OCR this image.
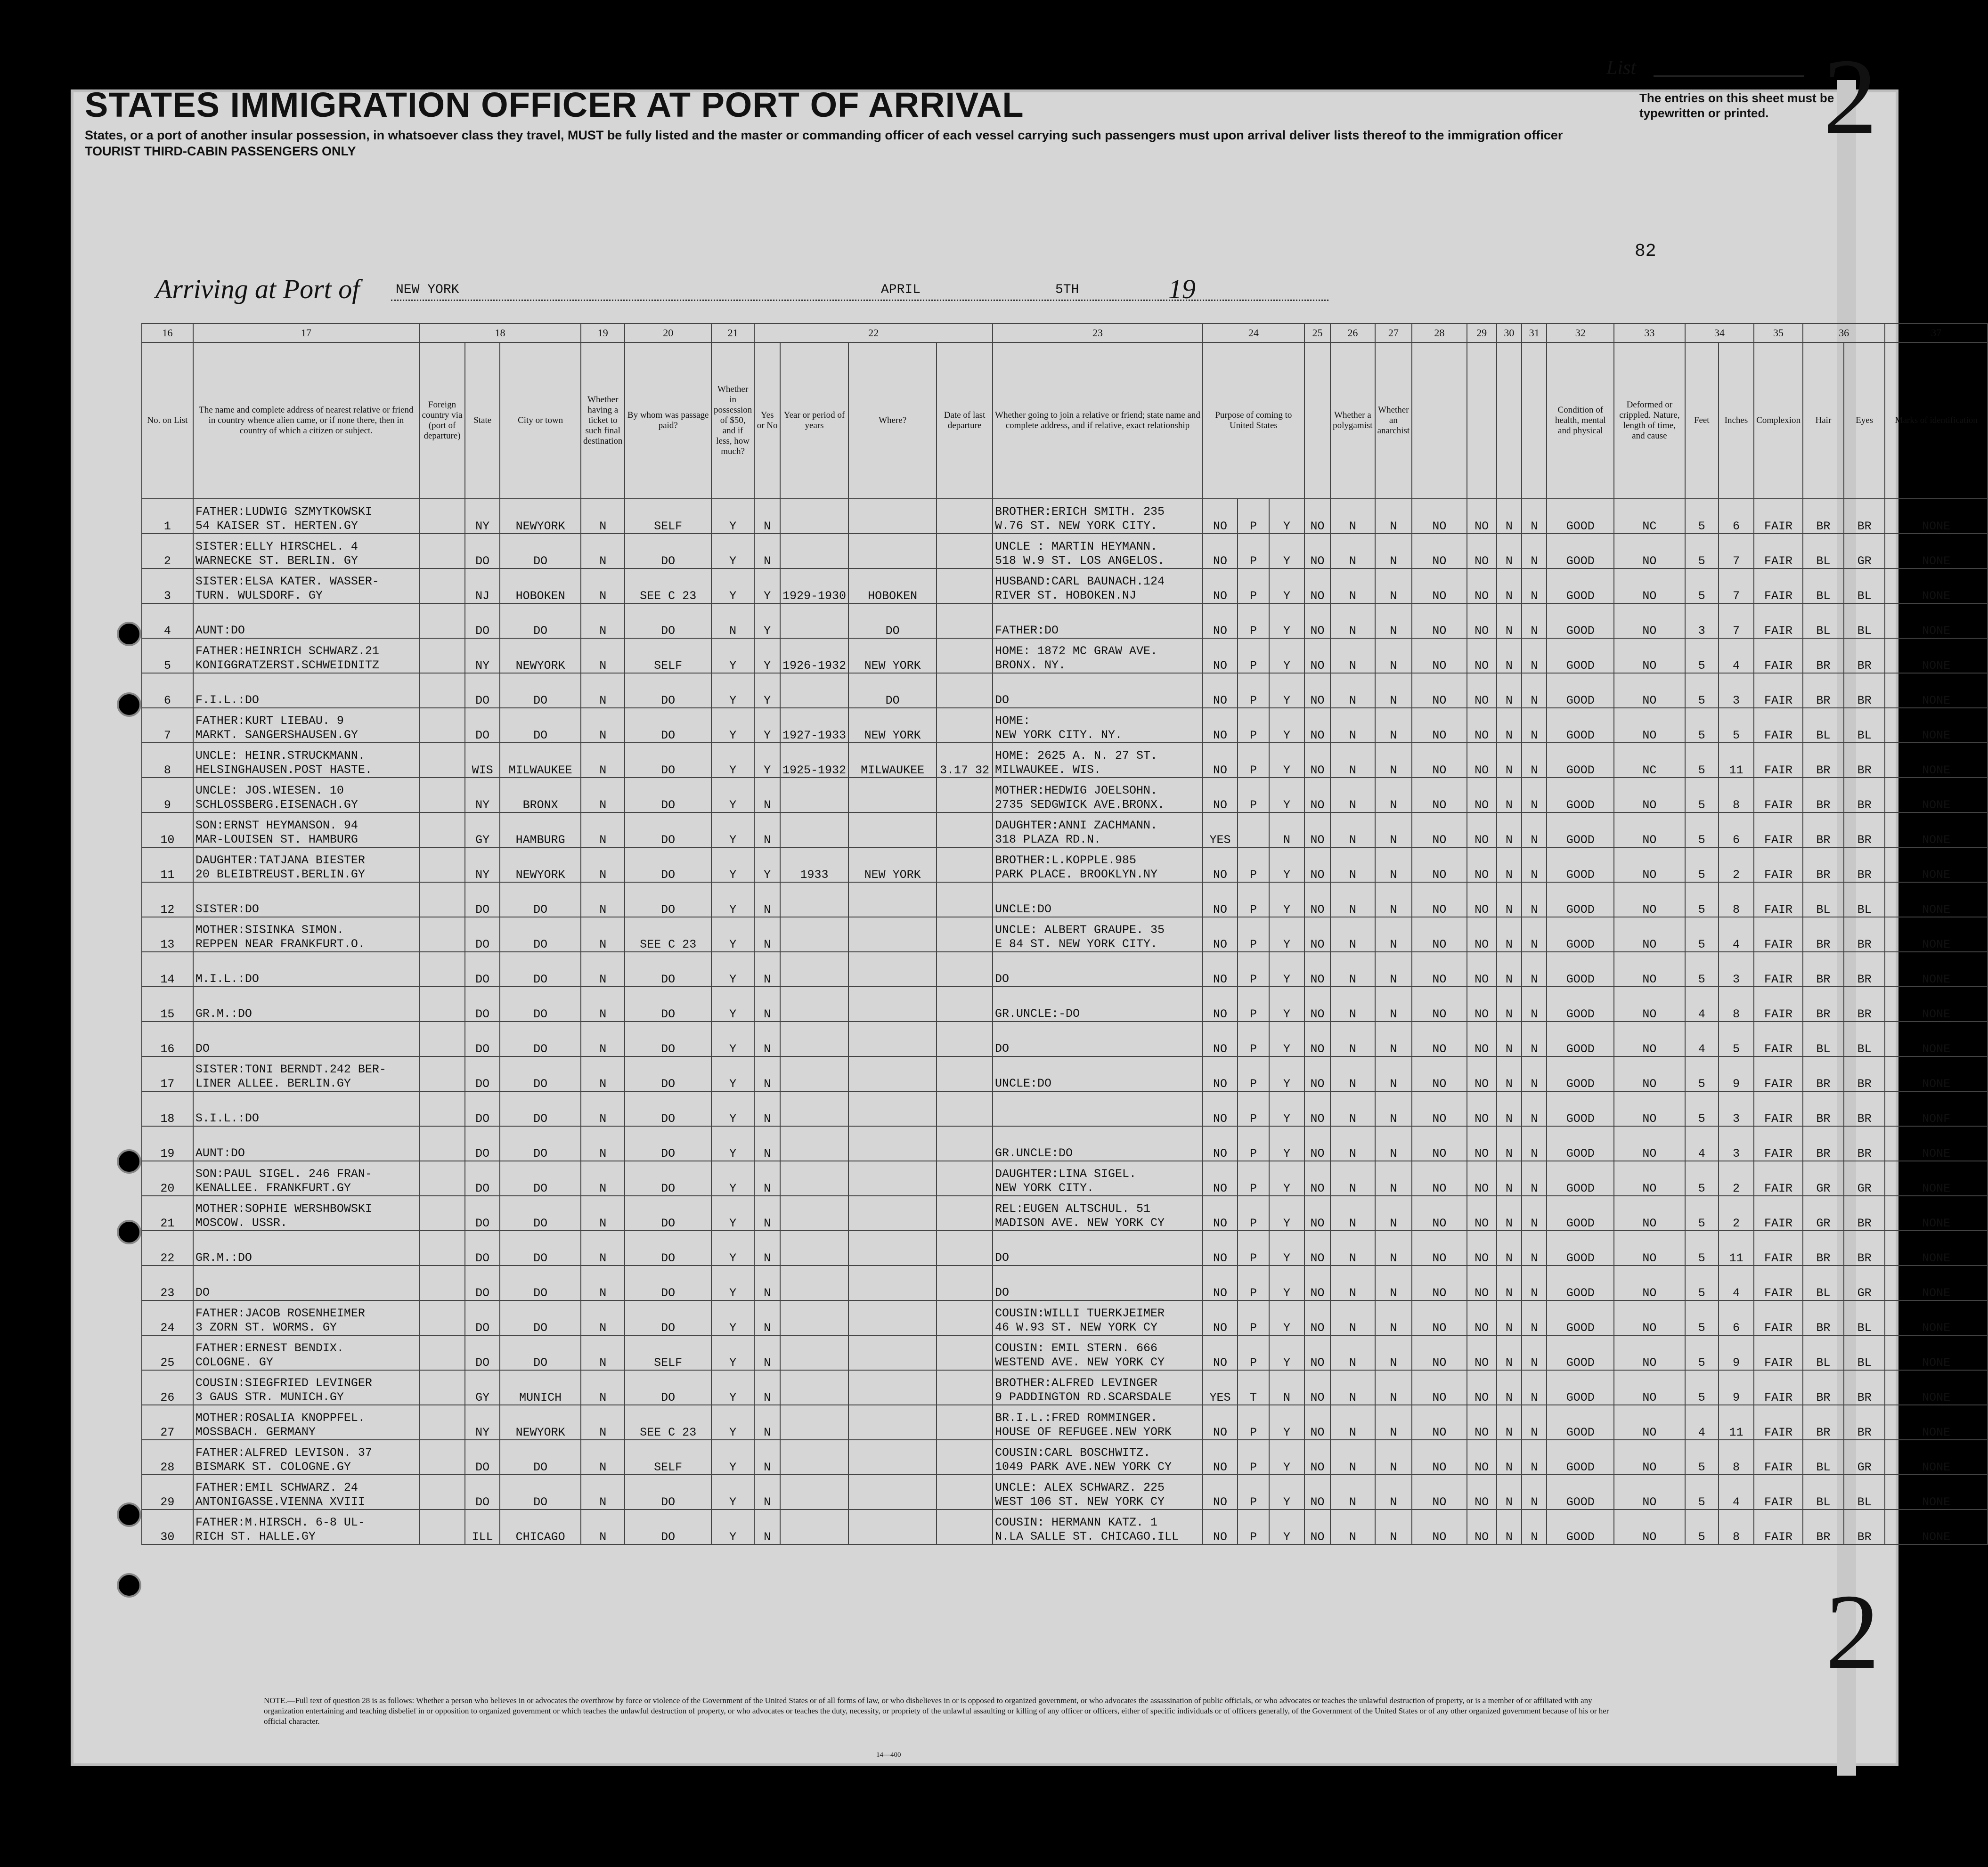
STATES IMMIGRATION OFFICER AT PORT OF ARRIVAL
States, or a port of another insular possession, in whatsoever class they travel, MUST be fully listed and the master or commanding officer of each vessel carrying such passengers must upon arrival deliver lists thereof to the immigration officer
TOURIST THIRD-CABIN PASSENGERS ONLY
List 2
The entries on this sheet must be typewritten or printed.
82
Arriving at Port of	NEW YORK	APRIL	5TH	19
16	17	18			19	20	21	22				23	24			25	26	27	28	29	30	31	32	33	34		35	36		37
No. on List	The name and complete address of nearest relative or friend in country whence alien came, or if none there, then in country of which a citizen or subject.	Foreign country via (port of departure)	State	City or town	Whether having a ticket to such final destination	By whom was passage paid?	Whether in possession of $50, and if less, how much?	Yes or No	Year or period of years	Where?	Date of last departure	Whether going to join a relative or friend; state name and complete address, and if relative, exact relationship	Purpose of coming to United States				Whether a polygamist	Whether an anarchist					Condition of health, mental and physical	Deformed or crippled. Nature, length of time, and cause	Feet	Inches	Complexion	Hair	Eyes	Marks of identification
1	FATHER:LUDWIG SZMYTKOWSKI
54 KAISER ST. HERTEN.GY		NY	NEWYORK	N	SELF	Y	N				BROTHER:ERICH SMITH. 235
W.76 ST. NEW YORK CITY.	NO	P	Y	NO	N	N	NO	NO	N	N	GOOD	NC	5	6	FAIR	BR	BR	NONE
2	SISTER:ELLY HIRSCHEL. 4
WARNECKE ST. BERLIN. GY		DO	DO	N	DO	Y	N				UNCLE : MARTIN HEYMANN.
518 W.9 ST. LOS ANGELOS.	NO	P	Y	NO	N	N	NO	NO	N	N	GOOD	NO	5	7	FAIR	BL	GR	NONE
3	SISTER:ELSA KATER. WASSER-
TURN. WULSDORF. GY		NJ	HOBOKEN	N	SEE C 23	Y	Y	1929-1930	HOBOKEN		HUSBAND:CARL BAUNACH.124
RIVER ST. HOBOKEN.NJ	NO	P	Y	NO	N	N	NO	NO	N	N	GOOD	NO	5	7	FAIR	BL	BL	NONE
4	AUNT:DO		DO	DO	N	DO	N	Y		DO		FATHER:DO	NO	P	Y	NO	N	N	NO	NO	N	N	GOOD	NO	3	7	FAIR	BL	BL	NONE
5	FATHER:HEINRICH SCHWARZ.21
KONIGGRATZERST.SCHWEIDNITZ		NY	NEWYORK	N	SELF	Y	Y	1926-1932	NEW YORK		HOME: 1872 MC GRAW AVE.
BRONX. NY.	NO	P	Y	NO	N	N	NO	NO	N	N	GOOD	NO	5	4	FAIR	BR	BR	NONE
6	F.I.L.:DO		DO	DO	N	DO	Y	Y		DO		DO	NO	P	Y	NO	N	N	NO	NO	N	N	GOOD	NO	5	3	FAIR	BR	BR	NONE
7	FATHER:KURT LIEBAU. 9
MARKT. SANGERSHAUSEN.GY		DO	DO	N	DO	Y	Y	1927-1933	NEW YORK		HOME:
NEW YORK CITY. NY.	NO	P	Y	NO	N	N	NO	NO	N	N	GOOD	NO	5	5	FAIR	BL	BL	NONE
8	UNCLE: HEINR.STRUCKMANN.
HELSINGHAUSEN.POST HASTE.		WIS	MILWAUKEE	N	DO	Y	Y	1925-1932	MILWAUKEE	3.17 32	HOME: 2625 A. N. 27 ST.
MILWAUKEE. WIS.	NO	P	Y	NO	N	N	NO	NO	N	N	GOOD	NC	5	11	FAIR	BR	BR	NONE
9	UNCLE: JOS.WIESEN. 10
SCHLOSSBERG.EISENACH.GY		NY	BRONX	N	DO	Y	N				MOTHER:HEDWIG JOELSOHN.
2735 SEDGWICK AVE.BRONX.	NO	P	Y	NO	N	N	NO	NO	N	N	GOOD	NO	5	8	FAIR	BR	BR	NONE
10	SON:ERNST HEYMANSON. 94
MAR-LOUISEN ST. HAMBURG		GY	HAMBURG	N	DO	Y	N				DAUGHTER:ANNI ZACHMANN.
318 PLAZA RD.N.	YES		N	NO	N	N	NO	NO	N	N	GOOD	NO	5	6	FAIR	BR	BR	NONE
11	DAUGHTER:TATJANA BIESTER
20 BLEIBTREUST.BERLIN.GY		NY	NEWYORK	N	DO	Y	Y	1933	NEW YORK		BROTHER:L.KOPPLE.985
PARK PLACE. BROOKLYN.NY	NO	P	Y	NO	N	N	NO	NO	N	N	GOOD	NO	5	2	FAIR	BR	BR	NONE
12	SISTER:DO		DO	DO	N	DO	Y	N				UNCLE:DO	NO	P	Y	NO	N	N	NO	NO	N	N	GOOD	NO	5	8	FAIR	BL	BL	NONE
13	MOTHER:SISINKA SIMON.
REPPEN NEAR FRANKFURT.O.		DO	DO	N	SEE C 23	Y	N				UNCLE: ALBERT GRAUPE. 35
E 84 ST. NEW YORK CITY.	NO	P	Y	NO	N	N	NO	NO	N	N	GOOD	NO	5	4	FAIR	BR	BR	NONE
14	M.I.L.:DO		DO	DO	N	DO	Y	N				DO	NO	P	Y	NO	N	N	NO	NO	N	N	GOOD	NO	5	3	FAIR	BR	BR	NONE
15	GR.M.:DO		DO	DO	N	DO	Y	N				GR.UNCLE:-DO	NO	P	Y	NO	N	N	NO	NO	N	N	GOOD	NO	4	8	FAIR	BR	BR	NONE
16	DO		DO	DO	N	DO	Y	N				DO	NO	P	Y	NO	N	N	NO	NO	N	N	GOOD	NO	4	5	FAIR	BL	BL	NONE
17	SISTER:TONI BERNDT.242 BER-
LINER ALLEE. BERLIN.GY		DO	DO	N	DO	Y	N				UNCLE:DO	NO	P	Y	NO	N	N	NO	NO	N	N	GOOD	NO	5	9	FAIR	BR	BR	NONE
18	S.I.L.:DO		DO	DO	N	DO	Y	N					NO	P	Y	NO	N	N	NO	NO	N	N	GOOD	NO	5	3	FAIR	BR	BR	NONF
19	AUNT:DO		DO	DO	N	DO	Y	N				GR.UNCLE:DO	NO	P	Y	NO	N	N	NO	NO	N	N	GOOD	NO	4	3	FAIR	BR	BR	NONE
20	SON:PAUL SIGEL. 246 FRAN-
KENALLEE. FRANKFURT.GY		DO	DO	N	DO	Y	N				DAUGHTER:LINA SIGEL.
NEW YORK CITY.	NO	P	Y	NO	N	N	NO	NO	N	N	GOOD	NO	5	2	FAIR	GR	GR	NONE
21	MOTHER:SOPHIE WERSHBOWSKI
MOSCOW. USSR.		DO	DO	N	DO	Y	N				REL:EUGEN ALTSCHUL. 51
MADISON AVE. NEW YORK CY	NO	P	Y	NO	N	N	NO	NO	N	N	GOOD	NO	5	2	FAIR	GR	BR	NONE
22	GR.M.:DO		DO	DO	N	DO	Y	N				DO	NO	P	Y	NO	N	N	NO	NO	N	N	GOOD	NO	5	11	FAIR	BR	BR	NONE
23	DO		DO	DO	N	DO	Y	N				DO	NO	P	Y	NO	N	N	NO	NO	N	N	GOOD	NO	5	4	FAIR	BL	GR	NONE
24	FATHER:JACOB ROSENHEIMER
3 ZORN ST. WORMS. GY		DO	DO	N	DO	Y	N				COUSIN:WILLI TUERKJEIMER
46 W.93 ST. NEW YORK CY	NO	P	Y	NO	N	N	NO	NO	N	N	GOOD	NO	5	6	FAIR	BR	BL	NONE
25	FATHER:ERNEST BENDIX.
COLOGNE. GY		DO	DO	N	SELF	Y	N				COUSIN: EMIL STERN. 666
WESTEND AVE. NEW YORK CY	NO	P	Y	NO	N	N	NO	NO	N	N	GOOD	NO	5	9	FAIR	BL	BL	NONE
26	COUSIN:SIEGFRIED LEVINGER
3 GAUS STR. MUNICH.GY		GY	MUNICH	N	DO	Y	N				BROTHER:ALFRED LEVINGER
9 PADDINGTON RD.SCARSDALE	YES	T	N	NO	N	N	NO	NO	N	N	GOOD	NO	5	9	FAIR	BR	BR	NONE
27	MOTHER:ROSALIA KNOPPFEL.
MOSSBACH. GERMANY		NY	NEWYORK	N	SEE C 23	Y	N				BR.I.L.:FRED ROMMINGER.
HOUSE OF REFUGEE.NEW YORK	NO	P	Y	NO	N	N	NO	NO	N	N	GOOD	NO	4	11	FAIR	BR	BR	NONE
28	FATHER:ALFRED LEVISON. 37
BISMARK ST. COLOGNE.GY		DO	DO	N	SELF	Y	N				COUSIN:CARL BOSCHWITZ.
1049 PARK AVE.NEW YORK CY	NO	P	Y	NO	N	N	NO	NO	N	N	GOOD	NO	5	8	FAIR	BL	GR	NONE
29	FATHER:EMIL SCHWARZ. 24
ANTONIGASSE.VIENNA XVIII		DO	DO	N	DO	Y	N				UNCLE: ALEX SCHWARZ. 225
WEST 106 ST. NEW YORK CY	NO	P	Y	NO	N	N	NO	NO	N	N	GOOD	NO	5	4	FAIR	BL	BL	NONE
30	FATHER:M.HIRSCH. 6-8 UL-
RICH ST. HALLE.GY		ILL	CHICAGO	N	DO	Y	N				COUSIN: HERMANN KATZ. 1
N.LA SALLE ST. CHICAGO.ILL	NO	P	Y	NO	N	N	NO	NO	N	N	GOOD	NO	5	8	FAIR	BR	BR	NONE
NOTE.—Full text of question 28 is as follows: Whether a person who believes in or advocates the overthrow by force or violence of the Government of the United States or of all forms of law, or who disbelieves in or is opposed to organized government, or who advocates the assassination of public officials, or who advocates or teaches the unlawful destruction of property, or is a member of or affiliated with any organization entertaining and teaching disbelief in or opposition to organized government or which teaches the unlawful destruction of property, or who advocates or teaches the duty, necessity, or propriety of the unlawful assaulting or killing of any officer or officers, either of specific individuals or of officers generally, of the Government of the United States or of any other organized government because of his or her official character.
14—400
2
